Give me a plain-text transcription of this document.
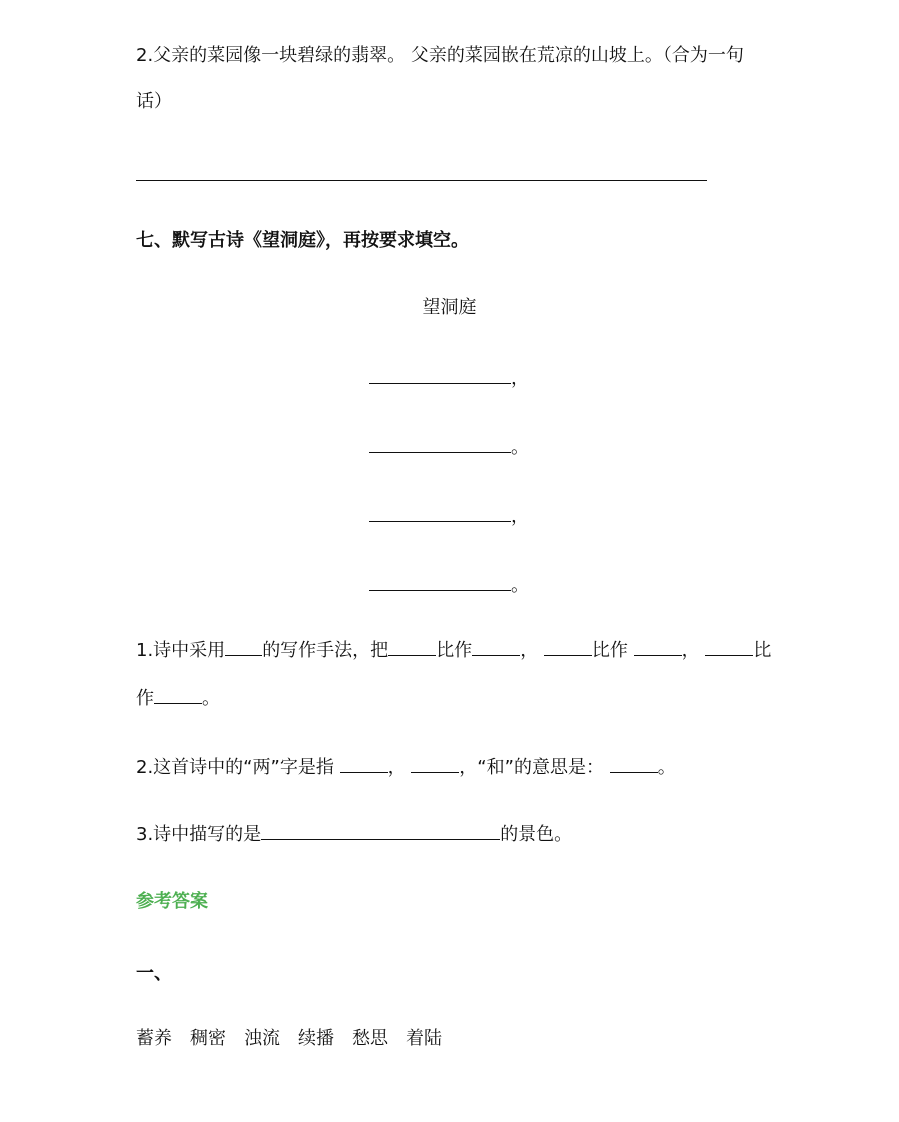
2.父亲的菜园像一块碧绿的翡翠。 父亲的菜园嵌在荒凉的山坡上。（合为一句
话）
七、默写古诗《望洞庭》，再按要求填空。
望洞庭
，
。
，
。
1.诗中采用 的写作手法，把	比作	，	比作	，	比
作	。
2.这首诗中的“两”字是指	，	，“和”的意思是：	。
3.诗中描写的是	的景色。
参考答案
一、
蓄养 稠密 浊流 续播 愁思 着陆
